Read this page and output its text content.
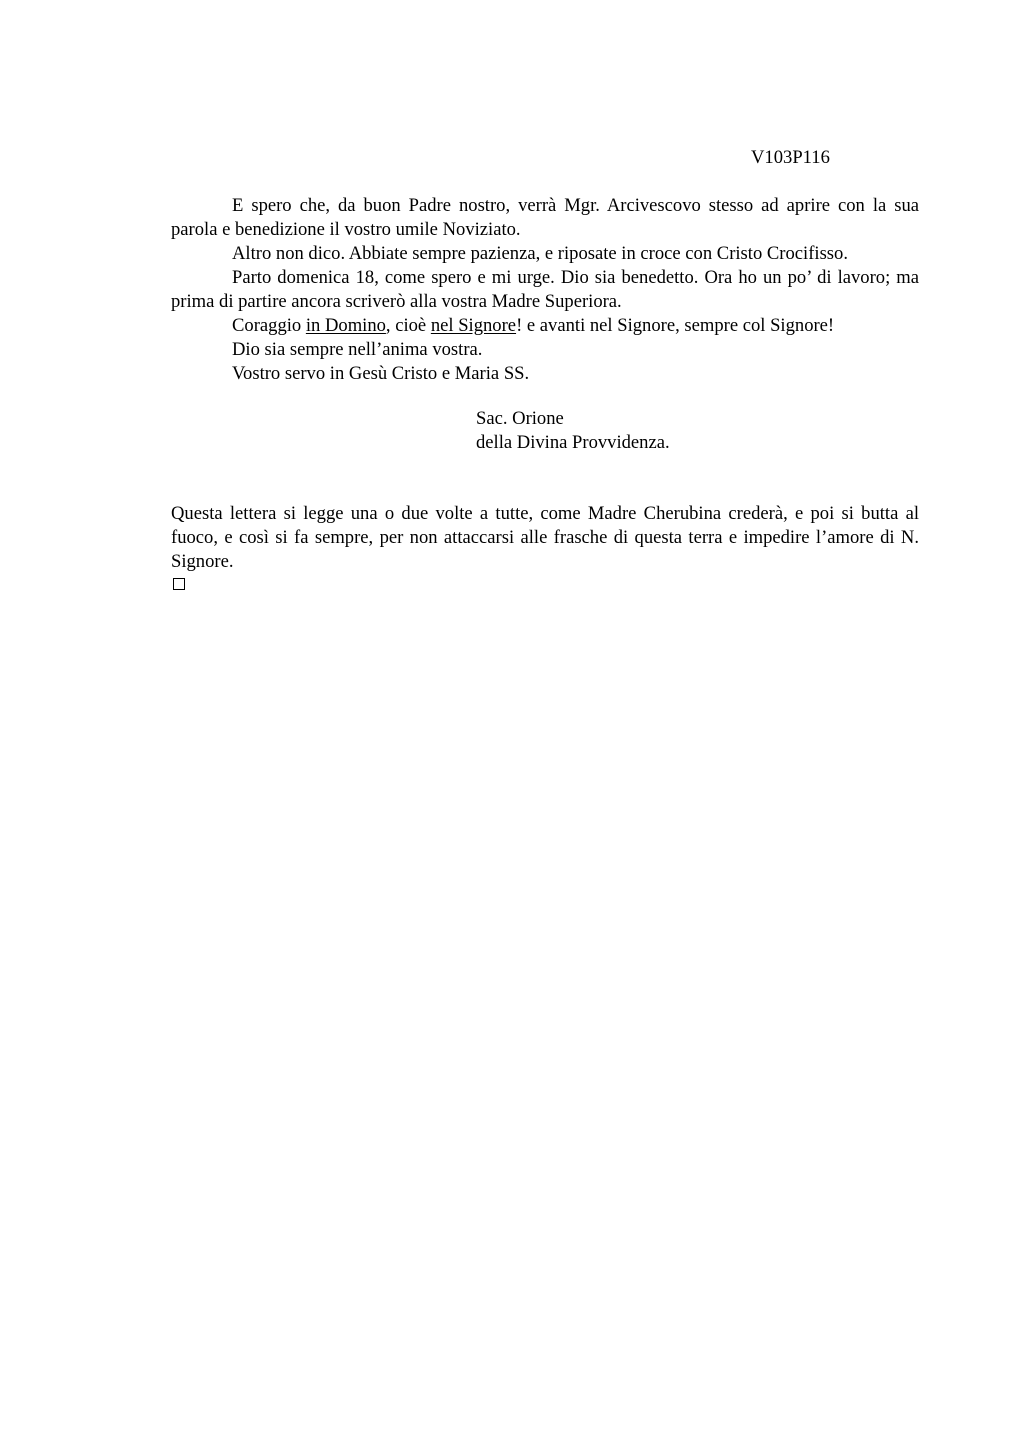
V103P116

E spero che, da buon Padre nostro, verrà Mgr. Arcivescovo stesso ad aprire con la sua parola e benedizione il vostro umile Noviziato.

Altro non dico. Abbiate sempre pazienza, e riposate in croce con Cristo Crocifisso.

Parto domenica 18, come spero e mi urge. Dio sia benedetto. Ora ho un po’ di lavoro; ma prima di partire ancora scriverò alla vostra Madre Superiora.

Coraggio in Domino, cioè nel Signore! e avanti nel Signore, sempre col Signore!

Dio sia sempre nell’anima vostra.

Vostro servo in Gesù Cristo e Maria SS.

Sac. Orione
della Divina Provvidenza.

Questa lettera si legge una o due volte a tutte, come Madre Cherubina crederà, e poi si butta al fuoco, e così si fa sempre, per non attaccarsi alle frasche di questa terra e impedire l’amore di N. Signore.
